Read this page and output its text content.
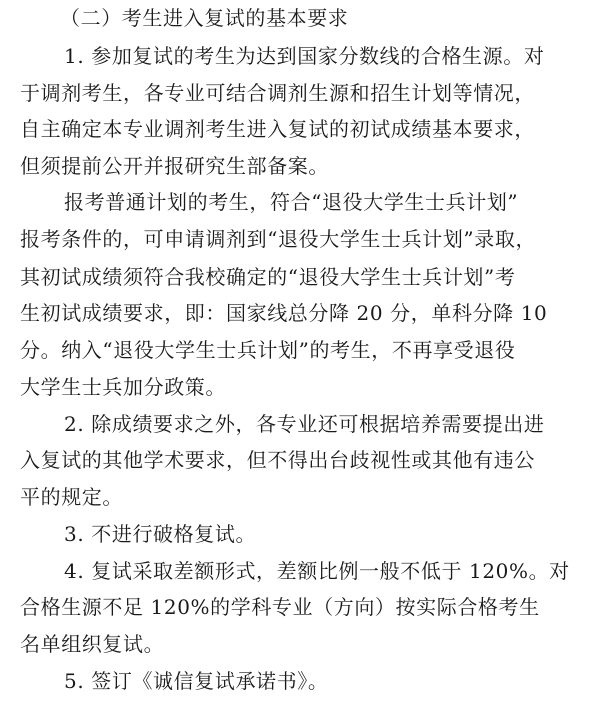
（二）考生进入复试的基本要求
1. 参加复试的考生为达到国家分数线的合格生源。对
于调剂考生，各专业可结合调剂生源和招生计划等情况，
自主确定本专业调剂考生进入复试的初试成绩基本要求，
但须提前公开并报研究生部备案。
报考普通计划的考生，符合“退役大学生士兵计划”
报考条件的，可申请调剂到“退役大学生士兵计划”录取，
其初试成绩须符合我校确定的“退役大学生士兵计划”考
生初试成绩要求，即：国家线总分降 20 分，单科分降 10
分。纳入“退役大学生士兵计划”的考生，不再享受退役
大学生士兵加分政策。
2. 除成绩要求之外，各专业还可根据培养需要提出进
入复试的其他学术要求，但不得出台歧视性或其他有违公
平的规定。
3. 不进行破格复试。
4. 复试采取差额形式，差额比例一般不低于 120%。对
合格生源不足 120%的学科专业（方向）按实际合格考生
名单组织复试。
5. 签订《诚信复试承诺书》。
